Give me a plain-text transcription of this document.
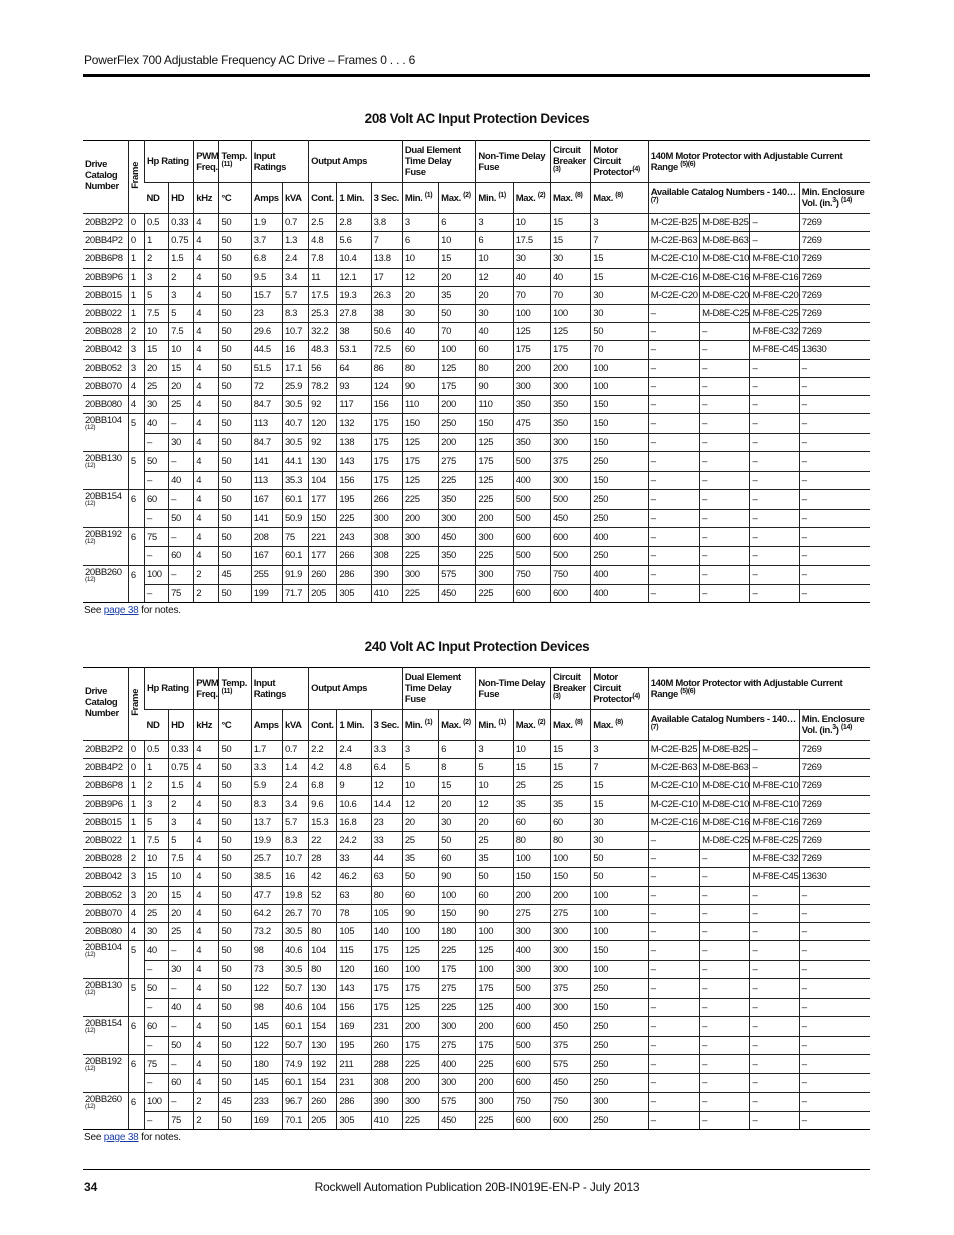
PowerFlex 700 Adjustable Frequency AC Drive – Frames 0 . . . 6
208 Volt AC Input Protection Devices
Drive Catalog Number	Frame	Hp Rating		PWM Freq.	Temp.
$^{(11)}$	Input Ratings		Output Amps			Dual Element Time Delay Fuse		Non-Time Delay Fuse		Circuit Breaker $^{(3)}$	Motor Circuit Protector$^{(4)}$	140M Motor Protector with Adjustable Current Range $^{(5)(6)}$
		ND	HD	kHz	°C	Amps	kVA	Cont.	1 Min.	3 Sec.	Min. $^{(1)}$	Max. $^{(2)}$	Min. $^{(1)}$	Max. $^{(2)}$	Max. $^{(8)}$	Max. $^{(8)}$	Available Catalog Numbers - 140… $^{(7)}$			Min. Enclosure Vol. (in.$^3$) $^{(14)}$
20BB2P2	0	0.5	0.33	4	50	1.9	0.7	2.5	2.8	3.8	3	6	3	10	15	3	M-C2E-B25	M-D8E-B25	–	7269
20BB4P2	0	1	0.75	4	50	3.7	1.3	4.8	5.6	7	6	10	6	17.5	15	7	M-C2E-B63	M-D8E-B63	–	7269
20BB6P8	1	2	1.5	4	50	6.8	2.4	7.8	10.4	13.8	10	15	10	30	30	15	M-C2E-C10	M-D8E-C10	M-F8E-C10	7269
20BB9P6	1	3	2	4	50	9.5	3.4	11	12.1	17	12	20	12	40	40	15	M-C2E-C16	M-D8E-C16	M-F8E-C16	7269
20BB015	1	5	3	4	50	15.7	5.7	17.5	19.3	26.3	20	35	20	70	70	30	M-C2E-C20	M-D8E-C20	M-F8E-C20	7269
20BB022	1	7.5	5	4	50	23	8.3	25.3	27.8	38	30	50	30	100	100	30	–	M-D8E-C25	M-F8E-C25	7269
20BB028	2	10	7.5	4	50	29.6	10.7	32.2	38	50.6	40	70	40	125	125	50	–	–	M-F8E-C32	7269
20BB042	3	15	10	4	50	44.5	16	48.3	53.1	72.5	60	100	60	175	175	70	–	–	M-F8E-C45	13630
20BB052	3	20	15	4	50	51.5	17.1	56	64	86	80	125	80	200	200	100	–	–	–	–
20BB070	4	25	20	4	50	72	25.9	78.2	93	124	90	175	90	300	300	100	–	–	–	–
20BB080	4	30	25	4	50	84.7	30.5	92	117	156	110	200	110	350	350	150	–	–	–	–
20BB104
(12)	5	40	–	4	50	113	40.7	120	132	175	150	250	150	475	350	150	–	–	–	–
		–	30	4	50	84.7	30.5	92	138	175	125	200	125	350	300	150	–	–	–	–
20BB130
(12)	5	50	–	4	50	141	44.1	130	143	175	175	275	175	500	375	250	–	–	–	–
		–	40	4	50	113	35.3	104	156	175	125	225	125	400	300	150	–	–	–	–
20BB154
(12)	6	60	–	4	50	167	60.1	177	195	266	225	350	225	500	500	250	–	–	–	–
		–	50	4	50	141	50.9	150	225	300	200	300	200	500	450	250	–	–	–	–
20BB192
(12)	6	75	–	4	50	208	75	221	243	308	300	450	300	600	600	400	–	–	–	–
		–	60	4	50	167	60.1	177	266	308	225	350	225	500	500	250	–	–	–	–
20BB260
(12)	6	100	–	2	45	255	91.9	260	286	390	300	575	300	750	750	400	–	–	–	–
		–	75	2	50	199	71.7	205	305	410	225	450	225	600	600	400	–	–	–	–
See page 38 for notes.
240 Volt AC Input Protection Devices
Drive Catalog Number	Frame	Hp Rating		PWM Freq.	Temp.
$^{(11)}$	Input Ratings		Output Amps			Dual Element Time Delay Fuse		Non-Time Delay Fuse		Circuit Breaker $^{(3)}$	Motor Circuit Protector$^{(4)}$	140M Motor Protector with Adjustable Current Range $^{(5)(6)}$
		ND	HD	kHz	°C	Amps	kVA	Cont.	1 Min.	3 Sec.	Min. $^{(1)}$	Max. $^{(2)}$	Min. $^{(1)}$	Max. $^{(2)}$	Max. $^{(8)}$	Max. $^{(8)}$	Available Catalog Numbers - 140… $^{(7)}$			Min. Enclosure Vol. (in.$^3$) $^{(14)}$
20BB2P2	0	0.5	0.33	4	50	1.7	0.7	2.2	2.4	3.3	3	6	3	10	15	3	M-C2E-B25	M-D8E-B25	–	7269
20BB4P2	0	1	0.75	4	50	3.3	1.4	4.2	4.8	6.4	5	8	5	15	15	7	M-C2E-B63	M-D8E-B63	–	7269
20BB6P8	1	2	1.5	4	50	5.9	2.4	6.8	9	12	10	15	10	25	25	15	M-C2E-C10	M-D8E-C10	M-F8E-C10	7269
20BB9P6	1	3	2	4	50	8.3	3.4	9.6	10.6	14.4	12	20	12	35	35	15	M-C2E-C10	M-D8E-C10	M-F8E-C10	7269
20BB015	1	5	3	4	50	13.7	5.7	15.3	16.8	23	20	30	20	60	60	30	M-C2E-C16	M-D8E-C16	M-F8E-C16	7269
20BB022	1	7.5	5	4	50	19.9	8.3	22	24.2	33	25	50	25	80	80	30	–	M-D8E-C25	M-F8E-C25	7269
20BB028	2	10	7.5	4	50	25.7	10.7	28	33	44	35	60	35	100	100	50	–	–	M-F8E-C32	7269
20BB042	3	15	10	4	50	38.5	16	42	46.2	63	50	90	50	150	150	50	–	–	M-F8E-C45	13630
20BB052	3	20	15	4	50	47.7	19.8	52	63	80	60	100	60	200	200	100	–	–	–	–
20BB070	4	25	20	4	50	64.2	26.7	70	78	105	90	150	90	275	275	100	–	–	–	–
20BB080	4	30	25	4	50	73.2	30.5	80	105	140	100	180	100	300	300	100	–	–	–	–
20BB104
(12)	5	40	–	4	50	98	40.6	104	115	175	125	225	125	400	300	150	–	–	–	–
		–	30	4	50	73	30.5	80	120	160	100	175	100	300	300	100	–	–	–	–
20BB130
(12)	5	50	–	4	50	122	50.7	130	143	175	175	275	175	500	375	250	–	–	–	–
		–	40	4	50	98	40.6	104	156	175	125	225	125	400	300	150	–	–	–	–
20BB154
(12)	6	60	–	4	50	145	60.1	154	169	231	200	300	200	600	450	250	–	–	–	–
		–	50	4	50	122	50.7	130	195	260	175	275	175	500	375	250	–	–	–	–
20BB192
(12)	6	75	–	4	50	180	74.9	192	211	288	225	400	225	600	575	250	–	–	–	–
		–	60	4	50	145	60.1	154	231	308	200	300	200	600	450	250	–	–	–	–
20BB260
(12)	6	100	–	2	45	233	96.7	260	286	390	300	575	300	750	750	300	–	–	–	–
		–	75	2	50	169	70.1	205	305	410	225	450	225	600	600	250	–	–	–	–
See page 38 for notes.
34	Rockwell Automation Publication 20B-IN019E-EN-P - July 2013
